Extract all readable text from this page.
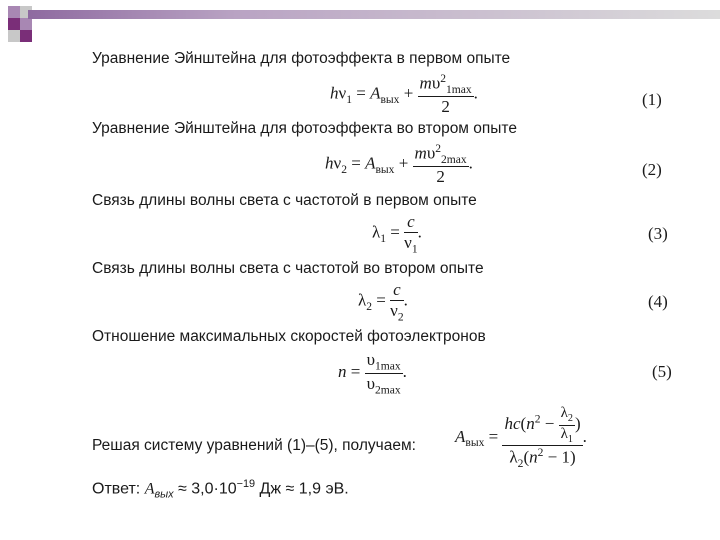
Уравнение Эйнштейна для фотоэффекта в первом опыте
$h\nu_1 = A_{вых} + \frac{m\upsilon^2_{1max}}{2}$ .	(1)
Уравнение Эйнштейна для фотоэффекта во втором опыте
$h\nu_2 = A_{вых} + \frac{m\upsilon^2_{2max}}{2}$ .	(2)
Связь длины волны света с частотой в первом опыте
$\lambda_1 = \frac{c}{\nu_1}$ .	(3)
Связь длины волны света с частотой во втором опыте
$\lambda_2 = \frac{c}{\nu_2}$ .	(4)
Отношение максимальных скоростей фотоэлектронов
$n = \frac{\upsilon_{1max}}{\upsilon_{2max}}$ .	(5)
Решая систему уравнений (1)–(5), получаем: $A_{вых} = \frac{hc(n^2 - \frac{\lambda_2}{\lambda_1} )}{\lambda_2(n^2 - 1)}$ .
Ответ: $A_{вых} \approx 3,0\cdot 10^{-19}$ Дж ≈ 1,9 эВ.
